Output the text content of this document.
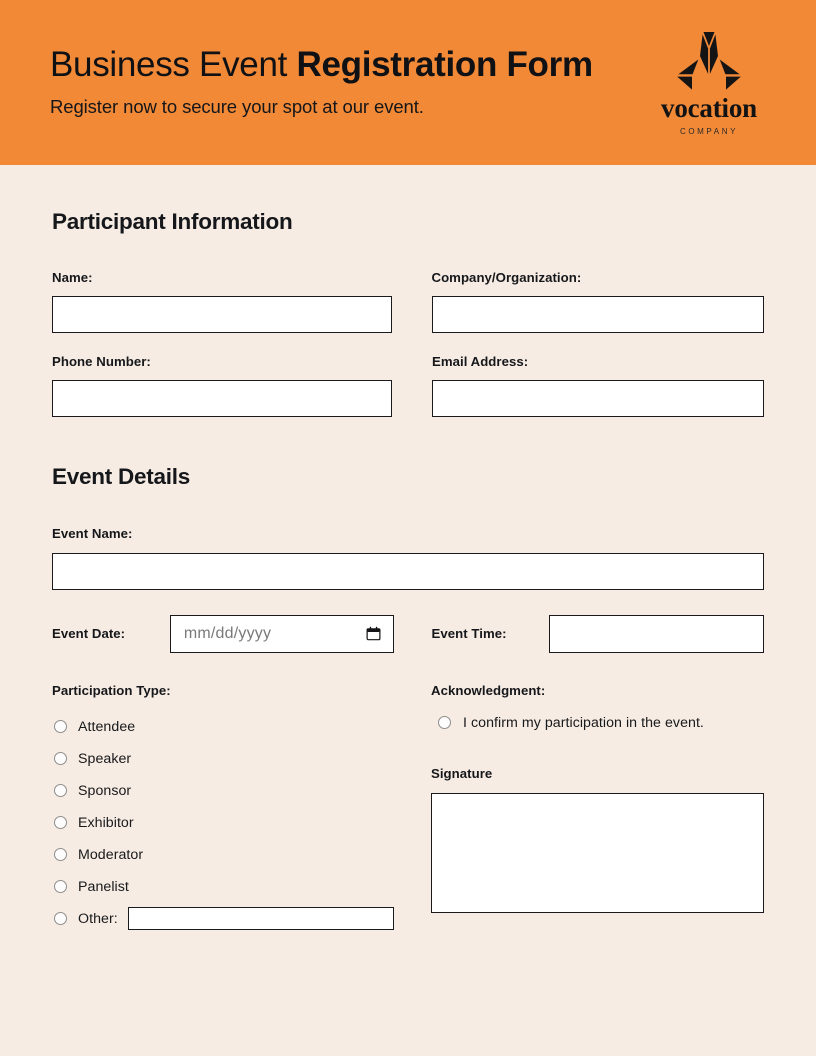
Business Event Registration Form

Register now to secure your spot at our event.	vocation
COMPANY
Participant Information
Name:	Company/Organization:
Phone Number:	Email Address:
Event Details
Event Name:
Event Date:	mm/dd/yyyy	Event Time:
Participation Type:
Attendee
Speaker
Sponsor
Exhibitor
Moderator
Panelist
Other:
Acknowledgment:
I confirm my participation in the event.
Signature
